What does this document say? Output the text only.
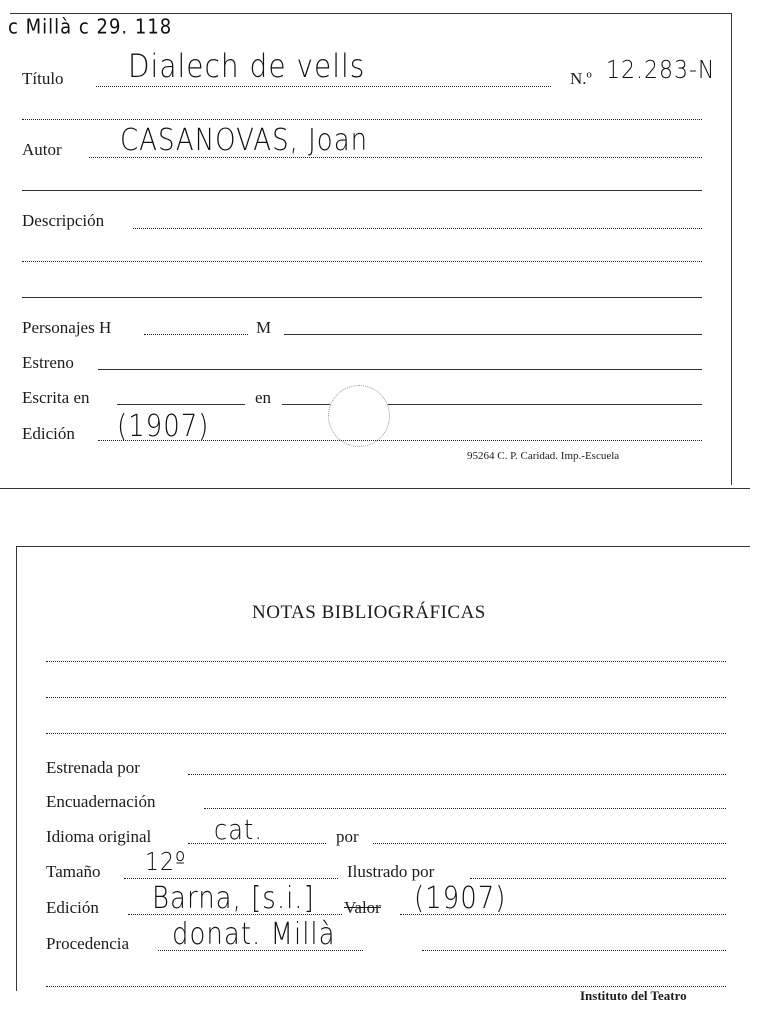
c Millà c 29. 118
Título Dialech de vells	N.º 12.283-N
Autor CASANOVAS, Joan
Descripción
Personajes H	M
Estreno
Escrita en	en
Edición (1907)
95264 C. P. Caridad. Imp.-Escuela
NOTAS BIBLIOGRÁFICAS
Estrenada por
Encuadernación
Idioma original	cat.	por
Tamaño 12º	Ilustrado por
Edición Barna, [s.i.] Valor (1907)
Procedencia donat. Millà
Instituto del Teatro
